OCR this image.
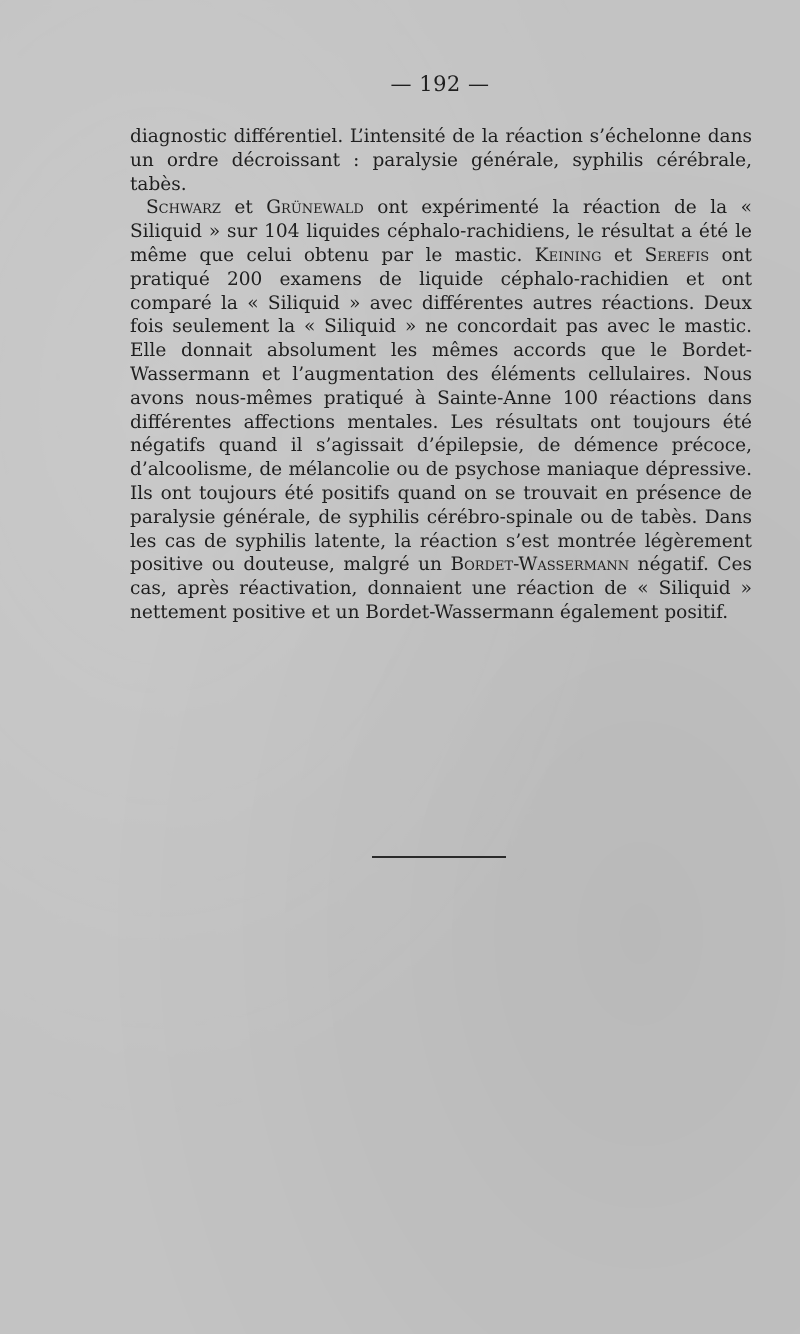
— 192 —

diagnostic différentiel. L’intensité de la réaction s’échelonne dans un ordre décroissant : paralysie générale, syphilis cérébrale, tabès.

Schwarz et Grünewald ont expérimenté la réaction de la « Siliquid » sur 104 liquides céphalo-rachidiens, le résultat a été le même que celui obtenu par le mastic. Keining et Serefis ont pratiqué 200 examens de liquide céphalo-rachidien et ont comparé la « Siliquid » avec différentes autres réactions. Deux fois seulement la « Siliquid » ne concordait pas avec le mastic. Elle donnait absolument les mêmes accords que le Bordet-Wassermann et l’augmentation des éléments cellulaires. Nous avons nous-mêmes pratiqué à Sainte-Anne 100 réactions dans différentes affections mentales. Les résultats ont toujours été négatifs quand il s’agissait d’épilepsie, de démence précoce, d’alcoolisme, de mélancolie ou de psychose maniaque dépressive. Ils ont toujours été positifs quand on se trouvait en présence de paralysie générale, de syphilis cérébro-spinale ou de tabès. Dans les cas de syphilis latente, la réaction s’est montrée légèrement positive ou douteuse, malgré un Bordet-Wassermann négatif. Ces cas, après réactivation, donnaient une réaction de « Siliquid » nettement positive et un Bordet-Wassermann également positif.
